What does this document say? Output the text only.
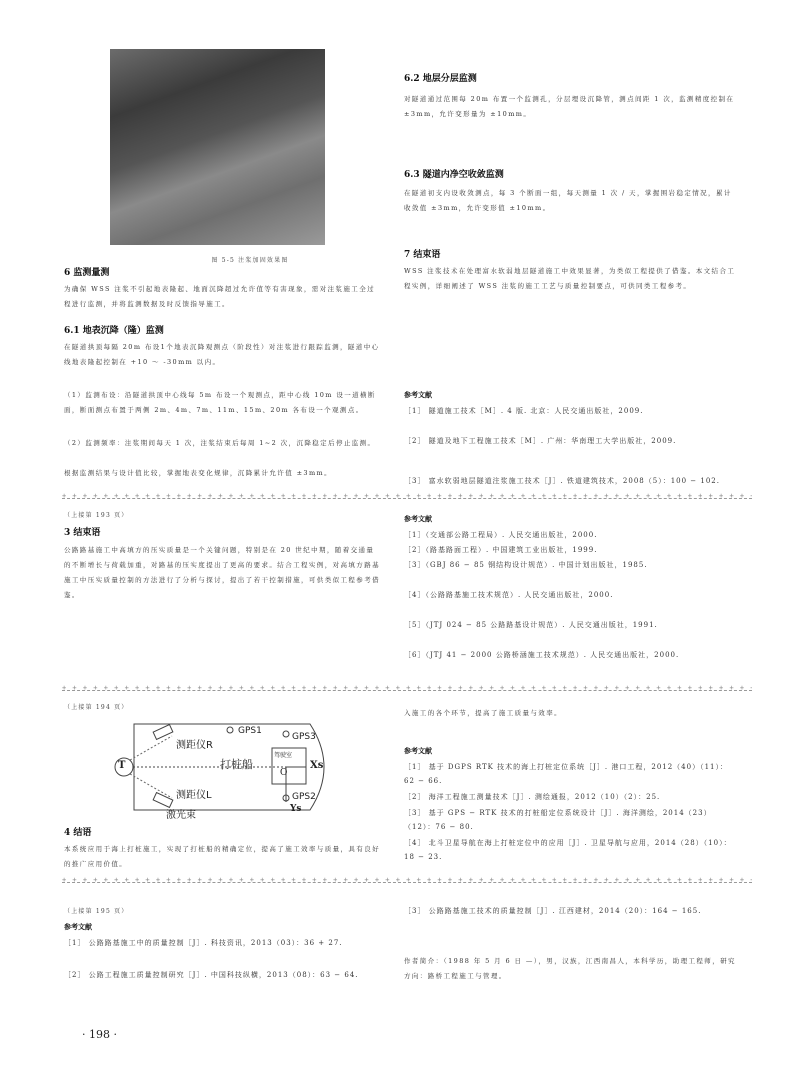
图 5-5 注浆加固效果图
6 监测量测
为确保 WSS 注浆不引起地表隆起、地面沉降超过允许值等有害现象，需对注浆施工全过程进行监测，并将监测数据及时反馈指导施工。
6.1 地表沉降（隆）监测
在隧道拱顶每隔 20m 布设1个地表沉降观测点（阶段性）对注浆进行跟踪监测，隧道中心线地表隆起控制在 +10 ～ -30mm 以内。
（1）监测布设：沿隧道拱顶中心线每 5m 布设一个观测点，距中心线 10m 设一道横断面，断面测点布置于两侧 2m、4m、7m、11m、15m、20m 各布设一个观测点。
（2）监测频率：注浆期间每天 1 次，注浆结束后每周 1~2 次，沉降稳定后停止监测。
根据监测结果与设计值比较，掌握地表变化规律，沉降累计允许值 ±3mm。
6.2 地层分层监测
对隧道通过范围每 20m 布置一个监测孔，分层埋设沉降管，测点间距 1 次，监测精度控制在 ±3mm，允许变形量为 ±10mm。
6.3 隧道内净空收敛监测
在隧道初支内设收敛测点，每 3 个断面一组，每天测量 1 次 / 天，掌握围岩稳定情况，累计收敛值 ±3mm，允许变形值 ±10mm。
7 结束语
WSS 注浆技术在处理富水软弱地层隧道施工中效果显著，为类似工程提供了借鉴。本文结合工程实例，详细阐述了 WSS 注浆的施工工艺与质量控制要点，可供同类工程参考。
参考文献
［1］ 隧道施工技术［M］. 4 版. 北京：人民交通出版社，2009.
［2］ 隧道及地下工程施工技术［M］. 广州：华南理工大学出版社，2009.
［3］ 富水软弱地层隧道注浆施工技术［J］. 铁道建筑技术，2008（5）：100 − 102.
+ + + + + + + + + + + + + + + + + + + + + + + + + + + + + + + + + + + + + + + + + + + + + + + + + + + + + + + + + + + + + + + + + + + + + + + +
（上接第 193 页）
3 结束语
公路路基施工中高填方的压实质量是一个关键问题，特别是在 20 世纪中期，随着交通量的不断增长与荷载加重，对路基的压实度提出了更高的要求。结合工程实例，对高填方路基施工中压实质量控制的方法进行了分析与探讨，提出了若干控制措施，可供类似工程参考借鉴。
参考文献
［1］（交通部公路工程局）. 人民交通出版社，2000.
［2］（路基路面工程）. 中国建筑工业出版社，1999.
［3］（GBJ 86 − 85 钢结构设计规范）. 中国计划出版社，1985.
［4］（公路路基施工技术规范）. 人民交通出版社，2000.
［5］（JTJ 024 − 85 公路路基设计规范）. 人民交通出版社，1991.
［6］（JTJ 41 − 2000 公路桥涵施工技术规范）. 人民交通出版社，2000.
+ + + + + + + + + + + + + + + + + + + + + + + + + + + + + + + + + + + + + + + + + + + + + + + + + + + + + + + + + + + + + + + + + + + + + + + +
（上接第 194 页）
GPS1
GPS3
GPS2
测距仪R
测距仪L
打桩船
驾驶室
T
O
Xs
Ys
激光束
4 结语
本系统应用于海上打桩施工，实现了打桩船的精确定位，提高了施工效率与质量，具有良好的推广应用价值。
入施工的各个环节，提高了施工质量与效率。
参考文献
［1］ 基于 DGPS RTK 技术的海上打桩定位系统［J］. 港口工程，2012（40）（11）：62 − 66.
［2］ 海洋工程施工测量技术［J］. 测绘通报，2012（10）（2）：25.
［3］ 基于 GPS − RTK 技术的打桩船定位系统设计［J］. 海洋测绘，2014（23）（12）：76 − 80.
［4］ 北斗卫星导航在海上打桩定位中的应用［J］. 卫星导航与应用，2014（28）（10）：18 − 23.
+ + + + + + + + + + + + + + + + + + + + + + + + + + + + + + + + + + + + + + + + + + + + + + + + + + + + + + + + + + + + + + + + + + + + + + + +
（上接第 195 页）
参考文献
［1］ 公路路基施工中的质量控制［J］. 科技资讯，2013（03）：36 + 27.
［2］ 公路工程施工质量控制研究［J］. 中国科技纵横，2013（08）：63 − 64.
［3］ 公路路基施工技术的质量控制［J］. 江西建材，2014（20）：164 − 165.
作者简介：（1988 年 5 月 6 日 —），男，汉族，江西南昌人，本科学历，助理工程师，研究方向：路桥工程施工与管理。
· 198 ·
